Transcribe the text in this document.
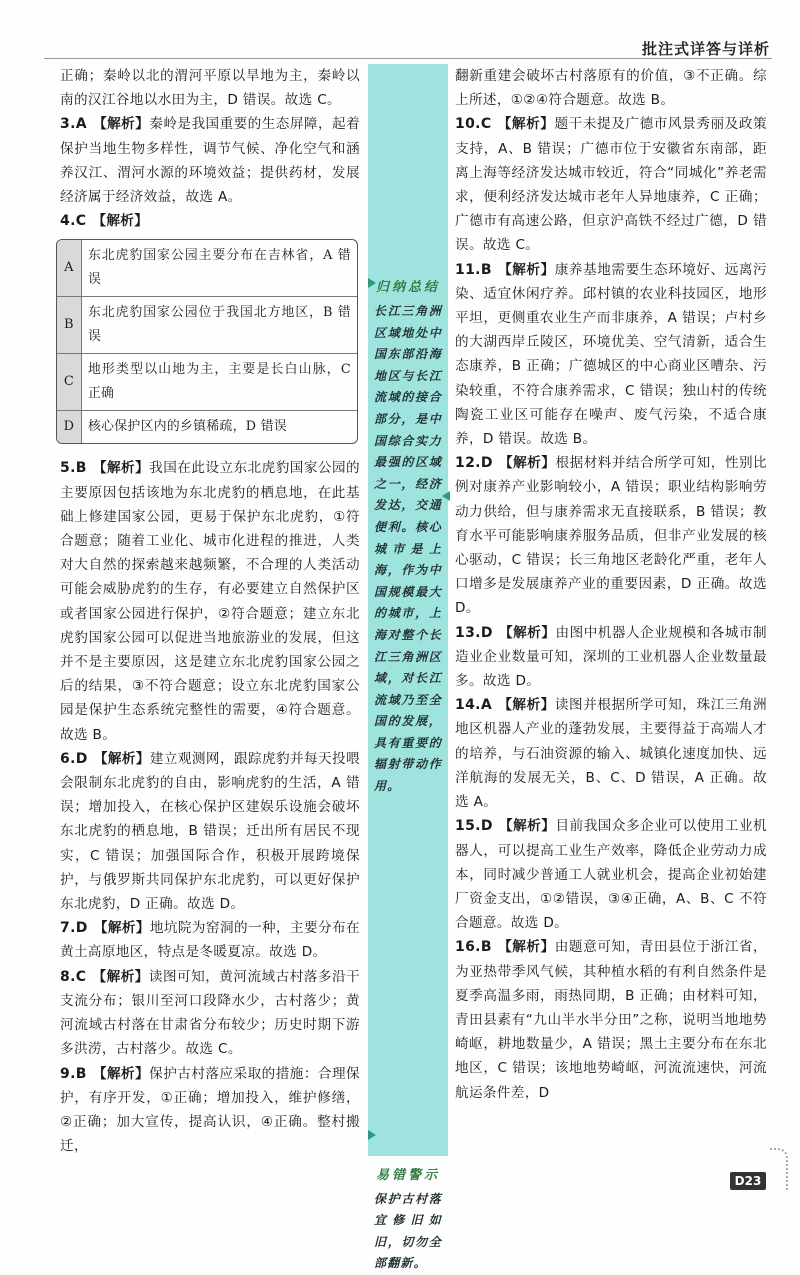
批注式详答与详析

正确；秦岭以北的渭河平原以旱地为主，秦岭以南的汉江谷地以水田为主，D 错误。故选 C。

3.A 【解析】秦岭是我国重要的生态屏障，起着保护当地生物多样性，调节气候、净化空气和涵养汉江、渭河水源的环境效益；提供药材，发展经济属于经济效益，故选 A。

4.C 【解析】

A
东北虎豹国家公园主要分布在吉林省，A 错误
B
东北虎豹国家公园位于我国北方地区，B 错误
C
地形类型以山地为主，主要是长白山脉，C 正确
D	核心保护区内的乡镇稀疏，D 错误

5.B 【解析】我国在此设立东北虎豹国家公园的主要原因包括该地为东北虎豹的栖息地，在此基础上修建国家公园，更易于保护东北虎豹，①符合题意；随着工业化、城市化进程的推进，人类对大自然的探索越来越频繁，不合理的人类活动可能会威胁虎豹的生存，有必要建立自然保护区或者国家公园进行保护，②符合题意；建立东北虎豹国家公园可以促进当地旅游业的发展，但这并不是主要原因，这是建立东北虎豹国家公园之后的结果，③不符合题意；设立东北虎豹国家公园是保护生态系统完整性的需要，④符合题意。故选 B。

6.D 【解析】建立观测网，跟踪虎豹并每天投喂会限制东北虎豹的自由，影响虎豹的生活，A 错误；增加投入，在核心保护区建娱乐设施会破坏东北虎豹的栖息地，B 错误；迁出所有居民不现实，C 错误；加强国际合作，积极开展跨境保护，与俄罗斯共同保护东北虎豹，可以更好保护东北虎豹，D 正确。故选 D。

7.D 【解析】地坑院为窑洞的一种，主要分布在黄土高原地区，特点是冬暖夏凉。故选 D。

8.C 【解析】读图可知，黄河流域古村落多沿干支流分布；银川至河口段降水少，古村落少；黄河流域古村落在甘肃省分布较少；历史时期下游多洪涝，古村落少。故选 C。

9.B 【解析】保护古村落应采取的措施：合理保护，有序开发，①正确；增加投入，维护修缮，②正确；加大宣传，提高认识，④正确。整村搬迁，

归纳总结
长江三角洲区域地处中国东部沿海地区与长江流域的接合部分，是中国综合实力最强的区域之一，经济发达，交通便利。核心城市是上海，作为中国规模最大的城市，上海对整个长江三角洲区域，对长江流域乃至全国的发展，具有重要的辐射带动作用。
易错警示
保护古村落宜修旧如旧，切勿全部翻新。

翻新重建会破坏古村落原有的价值，③不正确。综上所述，①②④符合题意。故选 B。

10.C 【解析】题干未提及广德市风景秀丽及政策支持，A、B 错误；广德市位于安徽省东南部，距离上海等经济发达城市较近，符合“同城化”养老需求，便利经济发达城市老年人异地康养，C 正确；广德市有高速公路，但京沪高铁不经过广德，D 错误。故选 C。

11.B 【解析】康养基地需要生态环境好、远离污染、适宜休闲疗养。邱村镇的农业科技园区，地形平坦，更侧重农业生产而非康养，A 错误；卢村乡的大湖西岸丘陵区，环境优美、空气清新，适合生态康养，B 正确；广德城区的中心商业区嘈杂、污染较重，不符合康养需求，C 错误；独山村的传统陶瓷工业区可能存在噪声、废气污染，不适合康养，D 错误。故选 B。

12.D 【解析】根据材料并结合所学可知，性别比例对康养产业影响较小，A 错误；职业结构影响劳动力供给，但与康养需求无直接联系，B 错误；教育水平可能影响康养服务品质，但非产业发展的核心驱动，C 错误；长三角地区老龄化严重，老年人口增多是发展康养产业的重要因素，D 正确。故选 D。

13.D 【解析】由图中机器人企业规模和各城市制造业企业数量可知，深圳的工业机器人企业数量最多。故选 D。

14.A 【解析】读图并根据所学可知，珠江三角洲地区机器人产业的蓬勃发展，主要得益于高端人才的培养，与石油资源的输入、城镇化速度加快、远洋航海的发展无关，B、C、D 错误，A 正确。故选 A。

15.D 【解析】目前我国众多企业可以使用工业机器人，可以提高工业生产效率，降低企业劳动力成本，同时减少普通工人就业机会，提高企业初始建厂资金支出，①②错误，③④正确，A、B、C 不符合题意。故选 D。

16.B 【解析】由题意可知，青田县位于浙江省，为亚热带季风气候，其种植水稻的有利自然条件是夏季高温多雨，雨热同期，B 正确；由材料可知，青田县素有“九山半水半分田”之称，说明当地地势崎岖，耕地数量少，A 错误；黑土主要分布在东北地区，C 错误；该地地势崎岖，河流流速快，河流航运条件差，D

D23
